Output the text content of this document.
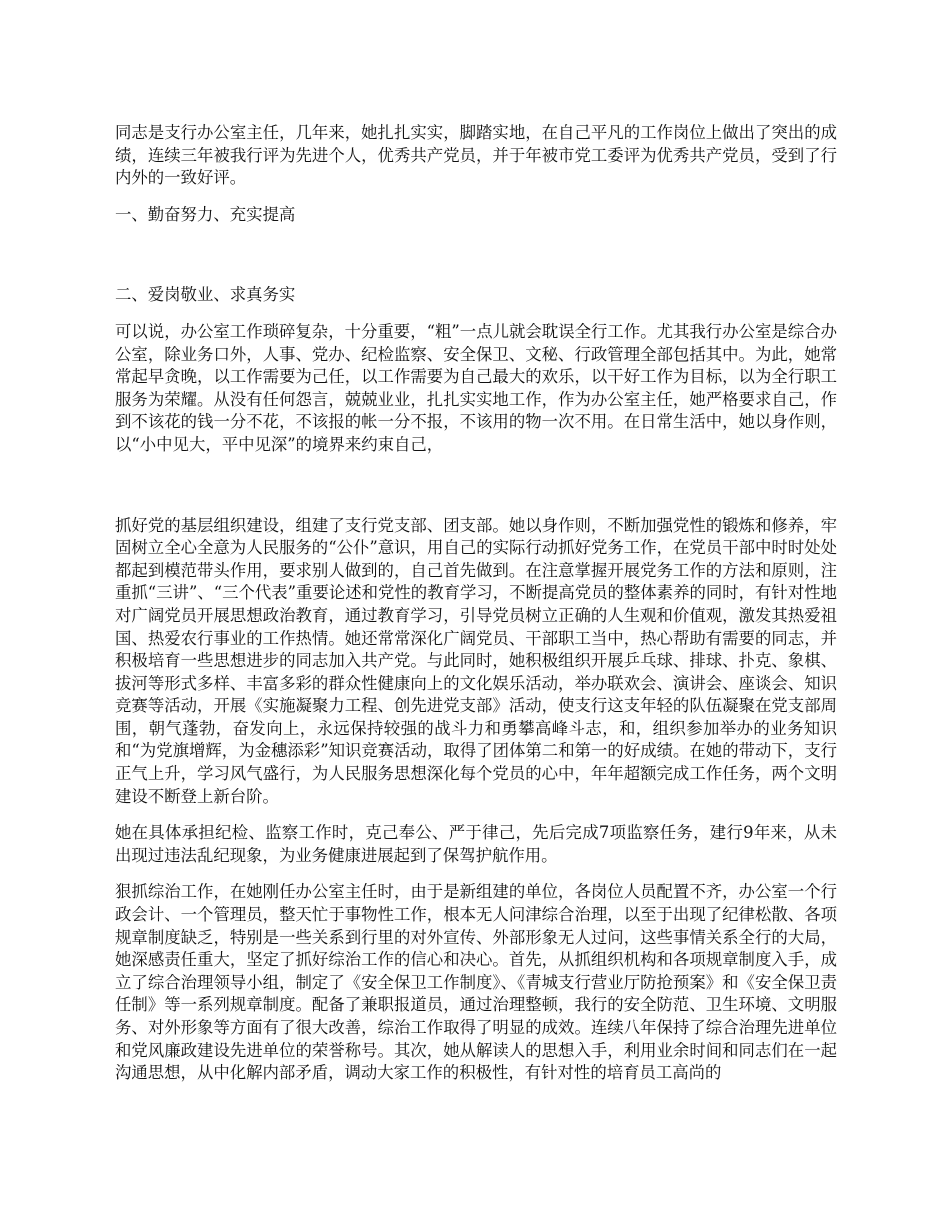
同志是支行办公室主任，几年来，她扎扎实实，脚踏实地，在自己平凡的工作岗位上做出了突出的成绩，连续三年被我行评为先进个人，优秀共产党员，并于年被市党工委评为优秀共产党员，受到了行内外的一致好评。

一、勤奋努力、充实提高

二、爱岗敬业、求真务实

可以说，办公室工作琐碎复杂，十分重要，“粗”一点儿就会耽误全行工作。尤其我行办公室是综合办公室，除业务口外，人事、党办、纪检监察、安全保卫、文秘、行政管理全部包括其中。为此，她常常起早贪晚，以工作需要为己任，以工作需要为自己最大的欢乐，以干好工作为目标，以为全行职工服务为荣耀。从没有任何怨言，兢兢业业，扎扎实实地工作，作为办公室主任，她严格要求自己，作到不该花的钱一分不花，不该报的帐一分不报，不该用的物一次不用。在日常生活中，她以身作则，以“小中见大，平中见深”的境界来约束自己，

抓好党的基层组织建设，组建了支行党支部、团支部。她以身作则，不断加强党性的锻炼和修养，牢固树立全心全意为人民服务的“公仆”意识，用自己的实际行动抓好党务工作，在党员干部中时时处处都起到模范带头作用，要求别人做到的，自己首先做到。在注意掌握开展党务工作的方法和原则，注重抓“三讲”、“三个代表”重要论述和党性的教育学习，不断提高党员的整体素养的同时，有针对性地对广阔党员开展思想政治教育，通过教育学习，引导党员树立正确的人生观和价值观，激发其热爱祖国、热爱农行事业的工作热情。她还常常深化广阔党员、干部职工当中，热心帮助有需要的同志，并积极培育一些思想进步的同志加入共产党。与此同时，她积极组织开展乒乓球、排球、扑克、象棋、拔河等形式多样、丰富多彩的群众性健康向上的文化娱乐活动，举办联欢会、演讲会、座谈会、知识竞赛等活动，开展《实施凝聚力工程、创先进党支部》活动，使支行这支年轻的队伍凝聚在党支部周围，朝气蓬勃，奋发向上，永远保持较强的战斗力和勇攀高峰斗志，和，组织参加举办的业务知识和“为党旗增辉，为金穗添彩”知识竞赛活动，取得了团体第二和第一的好成绩。在她的带动下，支行正气上升，学习风气盛行，为人民服务思想深化每个党员的心中，年年超额完成工作任务，两个文明建设不断登上新台阶。

她在具体承担纪检、监察工作时，克己奉公、严于律己，先后完成7项监察任务，建行9年来，从未出现过违法乱纪现象，为业务健康进展起到了保驾护航作用。

狠抓综治工作，在她刚任办公室主任时，由于是新组建的单位，各岗位人员配置不齐，办公室一个行政会计、一个管理员，整天忙于事物性工作，根本无人问津综合治理，以至于出现了纪律松散、各项规章制度缺乏，特别是一些关系到行里的对外宣传、外部形象无人过问，这些事情关系全行的大局，她深感责任重大，坚定了抓好综治工作的信心和决心。首先，从抓组织机构和各项规章制度入手，成立了综合治理领导小组，制定了《安全保卫工作制度》、《青城支行营业厅防抢预案》和《安全保卫责任制》等一系列规章制度。配备了兼职报道员，通过治理整顿，我行的安全防范、卫生环境、文明服务、对外形象等方面有了很大改善，综治工作取得了明显的成效。连续八年保持了综合治理先进单位和党风廉政建设先进单位的荣誉称号。其次，她从解读人的思想入手，利用业余时间和同志们在一起沟通思想，从中化解内部矛盾，调动大家工作的积极性，有针对性的培育员工高尚的
